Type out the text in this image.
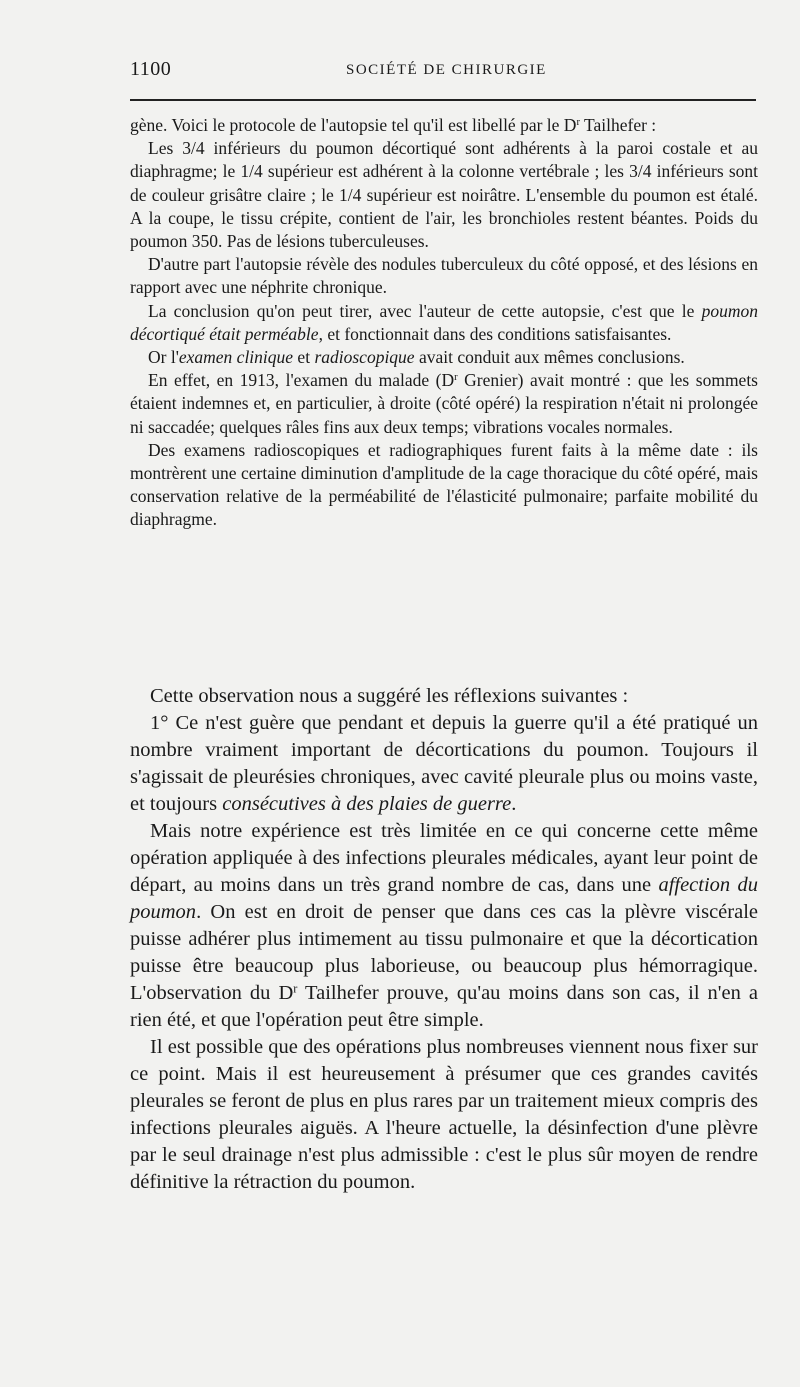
1100	SOCIÉTÉ DE CHIRURGIE

gène. Voici le protocole de l'autopsie tel qu'il est libellé par le $D^r$ Tailhefer :

Les 3/4 inférieurs du poumon décortiqué sont adhérents à la paroi costale et au diaphragme; le 1/4 supérieur est adhérent à la colonne vertébrale ; les 3/4 inférieurs sont de couleur grisâtre claire ; le 1/4 supérieur est noirâtre. L'ensemble du poumon est étalé. A la coupe, le tissu crépite, contient de l'air, les bronchioles restent béantes. Poids du poumon 350. Pas de lésions tuberculeuses.

D'autre part l'autopsie révèle des nodules tuberculeux du côté opposé, et des lésions en rapport avec une néphrite chronique.

La conclusion qu'on peut tirer, avec l'auteur de cette autopsie, c'est que le poumon décortiqué était perméable, et fonctionnait dans des conditions satisfaisantes.

Or l'examen clinique et radioscopique avait conduit aux mêmes conclusions.

En effet, en 1913, l'examen du malade ($D^r$ Grenier) avait montré : que les sommets étaient indemnes et, en particulier, à droite (côté opéré) la respiration n'était ni prolongée ni saccadée; quelques râles fins aux deux temps; vibrations vocales normales.

Des examens radioscopiques et radiographiques furent faits à la même date : ils montrèrent une certaine diminution d'amplitude de la cage thoracique du côté opéré, mais conservation relative de la perméabilité de l'élasticité pulmonaire; parfaite mobilité du diaphragme.

Cette observation nous a suggéré les réflexions suivantes :

1° Ce n'est guère que pendant et depuis la guerre qu'il a été pratiqué un nombre vraiment important de décortications du poumon. Toujours il s'agissait de pleurésies chroniques, avec cavité pleurale plus ou moins vaste, et toujours consécutives à des plaies de guerre.

Mais notre expérience est très limitée en ce qui concerne cette même opération appliquée à des infections pleurales médicales, ayant leur point de départ, au moins dans un très grand nombre de cas, dans une affection du poumon. On est en droit de penser que dans ces cas la plèvre viscérale puisse adhérer plus intimement au tissu pulmonaire et que la décortication puisse être beaucoup plus laborieuse, ou beaucoup plus hémorragique. L'observation du $D^r$ Tailhefer prouve, qu'au moins dans son cas, il n'en a rien été, et que l'opération peut être simple.

Il est possible que des opérations plus nombreuses viennent nous fixer sur ce point. Mais il est heureusement à présumer que ces grandes cavités pleurales se feront de plus en plus rares par un traitement mieux compris des infections pleurales aiguës. A l'heure actuelle, la désinfection d'une plèvre par le seul drainage n'est plus admissible : c'est le plus sûr moyen de rendre définitive la rétraction du poumon.
